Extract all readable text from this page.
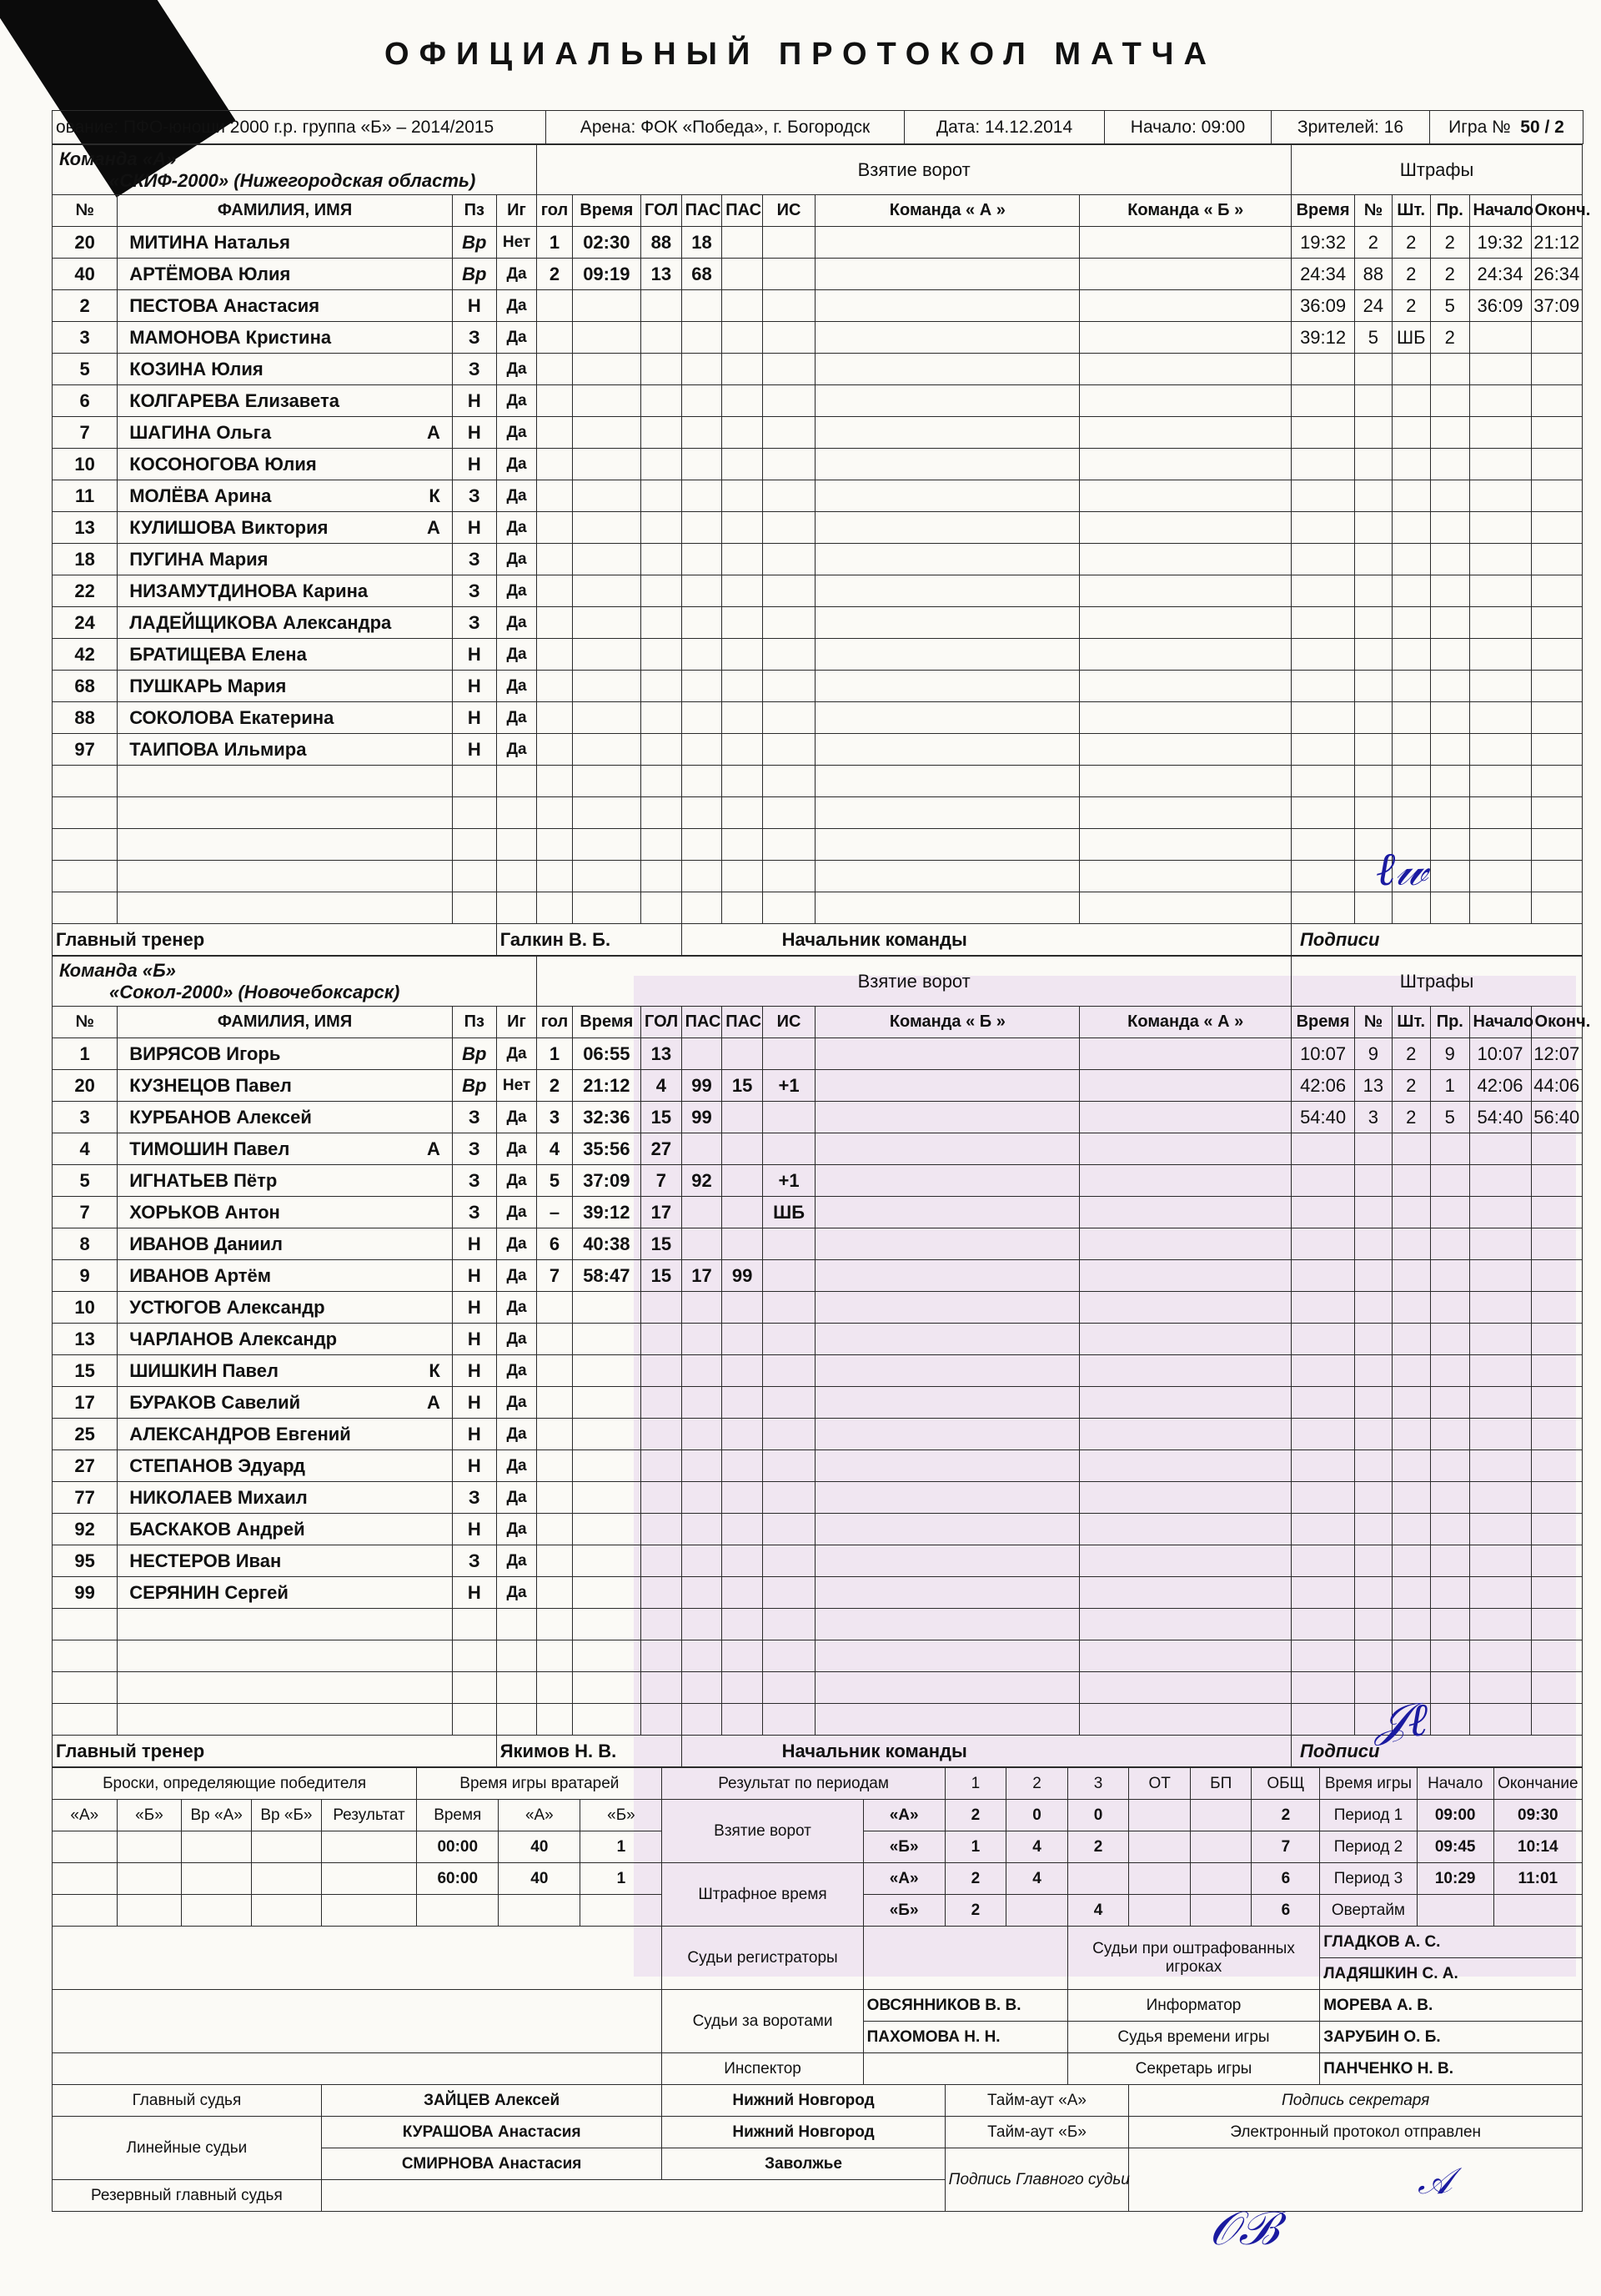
ОФИЦИАЛЬНЫЙ ПРОТОКОЛ МАТЧА
ование: ПФО-юноши 2000 г.р. группа «Б» – 2014/2015	Арена: ФОК «Победа», г. Богородск	Дата: 14.12.2014	Начало: 09:00	Зрителей: 16	Игра № 50 / 2
Команда «А»
«СКИФ-2000» (Нижегородская область)				Взятие ворот								Штрафы					
№	ФАМИЛИЯ, ИМЯ	Пз	Иг	гол	Время	ГОЛ	ПАС	ПАС	ИС	Команда « А »	Команда « Б »	Время	№	Шт.	Пр.	Начало	Оконч.
20	МИТИНА Наталья	Вр	Нет	1	02:30	88	18					19:32	2	2	2	19:32	21:12
40	АРТЁМОВА Юлия	Вр	Да	2	09:19	13	68					24:34	88	2	2	24:34	26:34
2	ПЕСТОВА Анастасия	Н	Да									36:09	24	2	5	36:09	37:09
3	МАМОНОВА Кристина	З	Да									39:12	5	ШБ	2		
5	КОЗИНА Юлия	З	Да														
6	КОЛГАРЕВА Елизавета	Н	Да														
7	ШАГИНА Ольга А	Н	Да														
10	КОСОНОГОВА Юлия	Н	Да														
11	МОЛЁВА Арина К	З	Да														
13	КУЛИШОВА Виктория А	Н	Да														
18	ПУГИНА Мария	З	Да														
22	НИЗАМУТДИНОВА Карина	З	Да														
24	ЛАДЕЙЩИКОВА Александра	З	Да														
42	БРАТИЩЕВА Елена	Н	Да														
68	ПУШКАРЬ Мария	Н	Да														
88	СОКОЛОВА Екатерина	Н	Да														
97	ТАИПОВА Ильмира	Н	Да														

Главный тренер			Галкин В. Б.				Начальник команды					Подписи					
Команда «Б»
«Сокол-2000» (Новочебоксарск)				Взятие ворот								Штрафы					
№	ФАМИЛИЯ, ИМЯ	Пз	Иг	гол	Время	ГОЛ	ПАС	ПАС	ИС	Команда « Б »	Команда « А »	Время	№	Шт.	Пр.	Начало	Оконч.
1	ВИРЯСОВ Игорь	Вр	Да	1	06:55	13						10:07	9	2	9	10:07	12:07
20	КУЗНЕЦОВ Павел	Вр	Нет	2	21:12	4	99	15	+1			42:06	13	2	1	42:06	44:06
3	КУРБАНОВ Алексей	З	Да	3	32:36	15	99					54:40	3	2	5	54:40	56:40
4	ТИМОШИН Павел А	З	Да	4	35:56	27											
5	ИГНАТЬЕВ Пётр	З	Да	5	37:09	7	92		+1								
7	ХОРЬКОВ Антон	З	Да	–	39:12	17			ШБ								
8	ИВАНОВ Даниил	Н	Да	6	40:38	15											
9	ИВАНОВ Артём	Н	Да	7	58:47	15	17	99									
10	УСТЮГОВ Александр	Н	Да														
13	ЧАРЛАНОВ Александр	Н	Да														
15	ШИШКИН Павел К	Н	Да														
17	БУРАКОВ Савелий А	Н	Да														
25	АЛЕКСАНДРОВ Евгений	Н	Да														
27	СТЕПАНОВ Эдуард	Н	Да														
77	НИКОЛАЕВ Михаил	З	Да														
92	БАСКАКОВ Андрей	Н	Да														
95	НЕСТЕРОВ Иван	З	Да														
99	СЕРЯНИН Сергей	Н	Да														

Главный тренер			Якимов Н. В.				Начальник команды					Подписи					
Броски, определяющие победителя					Время игры вратарей			Результат по периодам		1	2	3	ОТ	БП	ОБЩ	Время игры	Начало	Окончание
«А»	«Б»	Вр «А»	Вр «Б»	Результат	Время	«А»	«Б»	Взятие ворот	«А»	2	0	0			2	Период 1	09:00	09:30
					00:00	40	1		«Б»	1	4	2			7	Период 2	09:45	10:14
					60:00	40	1	Штрафное время	«А»	2	4				6	Период 3	10:29	11:01
									«Б»	2		4			6	Овертайм		
								Судьи регистраторы				Судьи при оштрафованных игроках				ГЛАДКОВ А. С.		
																ЛАДЯШКИН С. А.		
								Судьи за воротами	ОВСЯННИКОВ В. В.			Информатор				МОРЕВА А. В.		
									ПАХОМОВА Н. Н.			Судья времени игры				ЗАРУБИН О. Б.		
								Инспектор				Секретарь игры				ПАНЧЕНКО Н. В.		
Главный судья				ЗАЙЦЕВ Алексей				Нижний Новгород		Тайм-аут «А»			Подпись секретаря					
Линейные судьи				КУРАШОВА Анастасия				Нижний Новгород		Тайм-аут «Б»			Электронный протокол отправлен					
				СМИРНОВА Анастасия				Заволжье		Подпись Главного судьи								
Резервный главный судья																		
ℓ𝓌
𝒥ℓ
𝒪ℬ
𝒜
